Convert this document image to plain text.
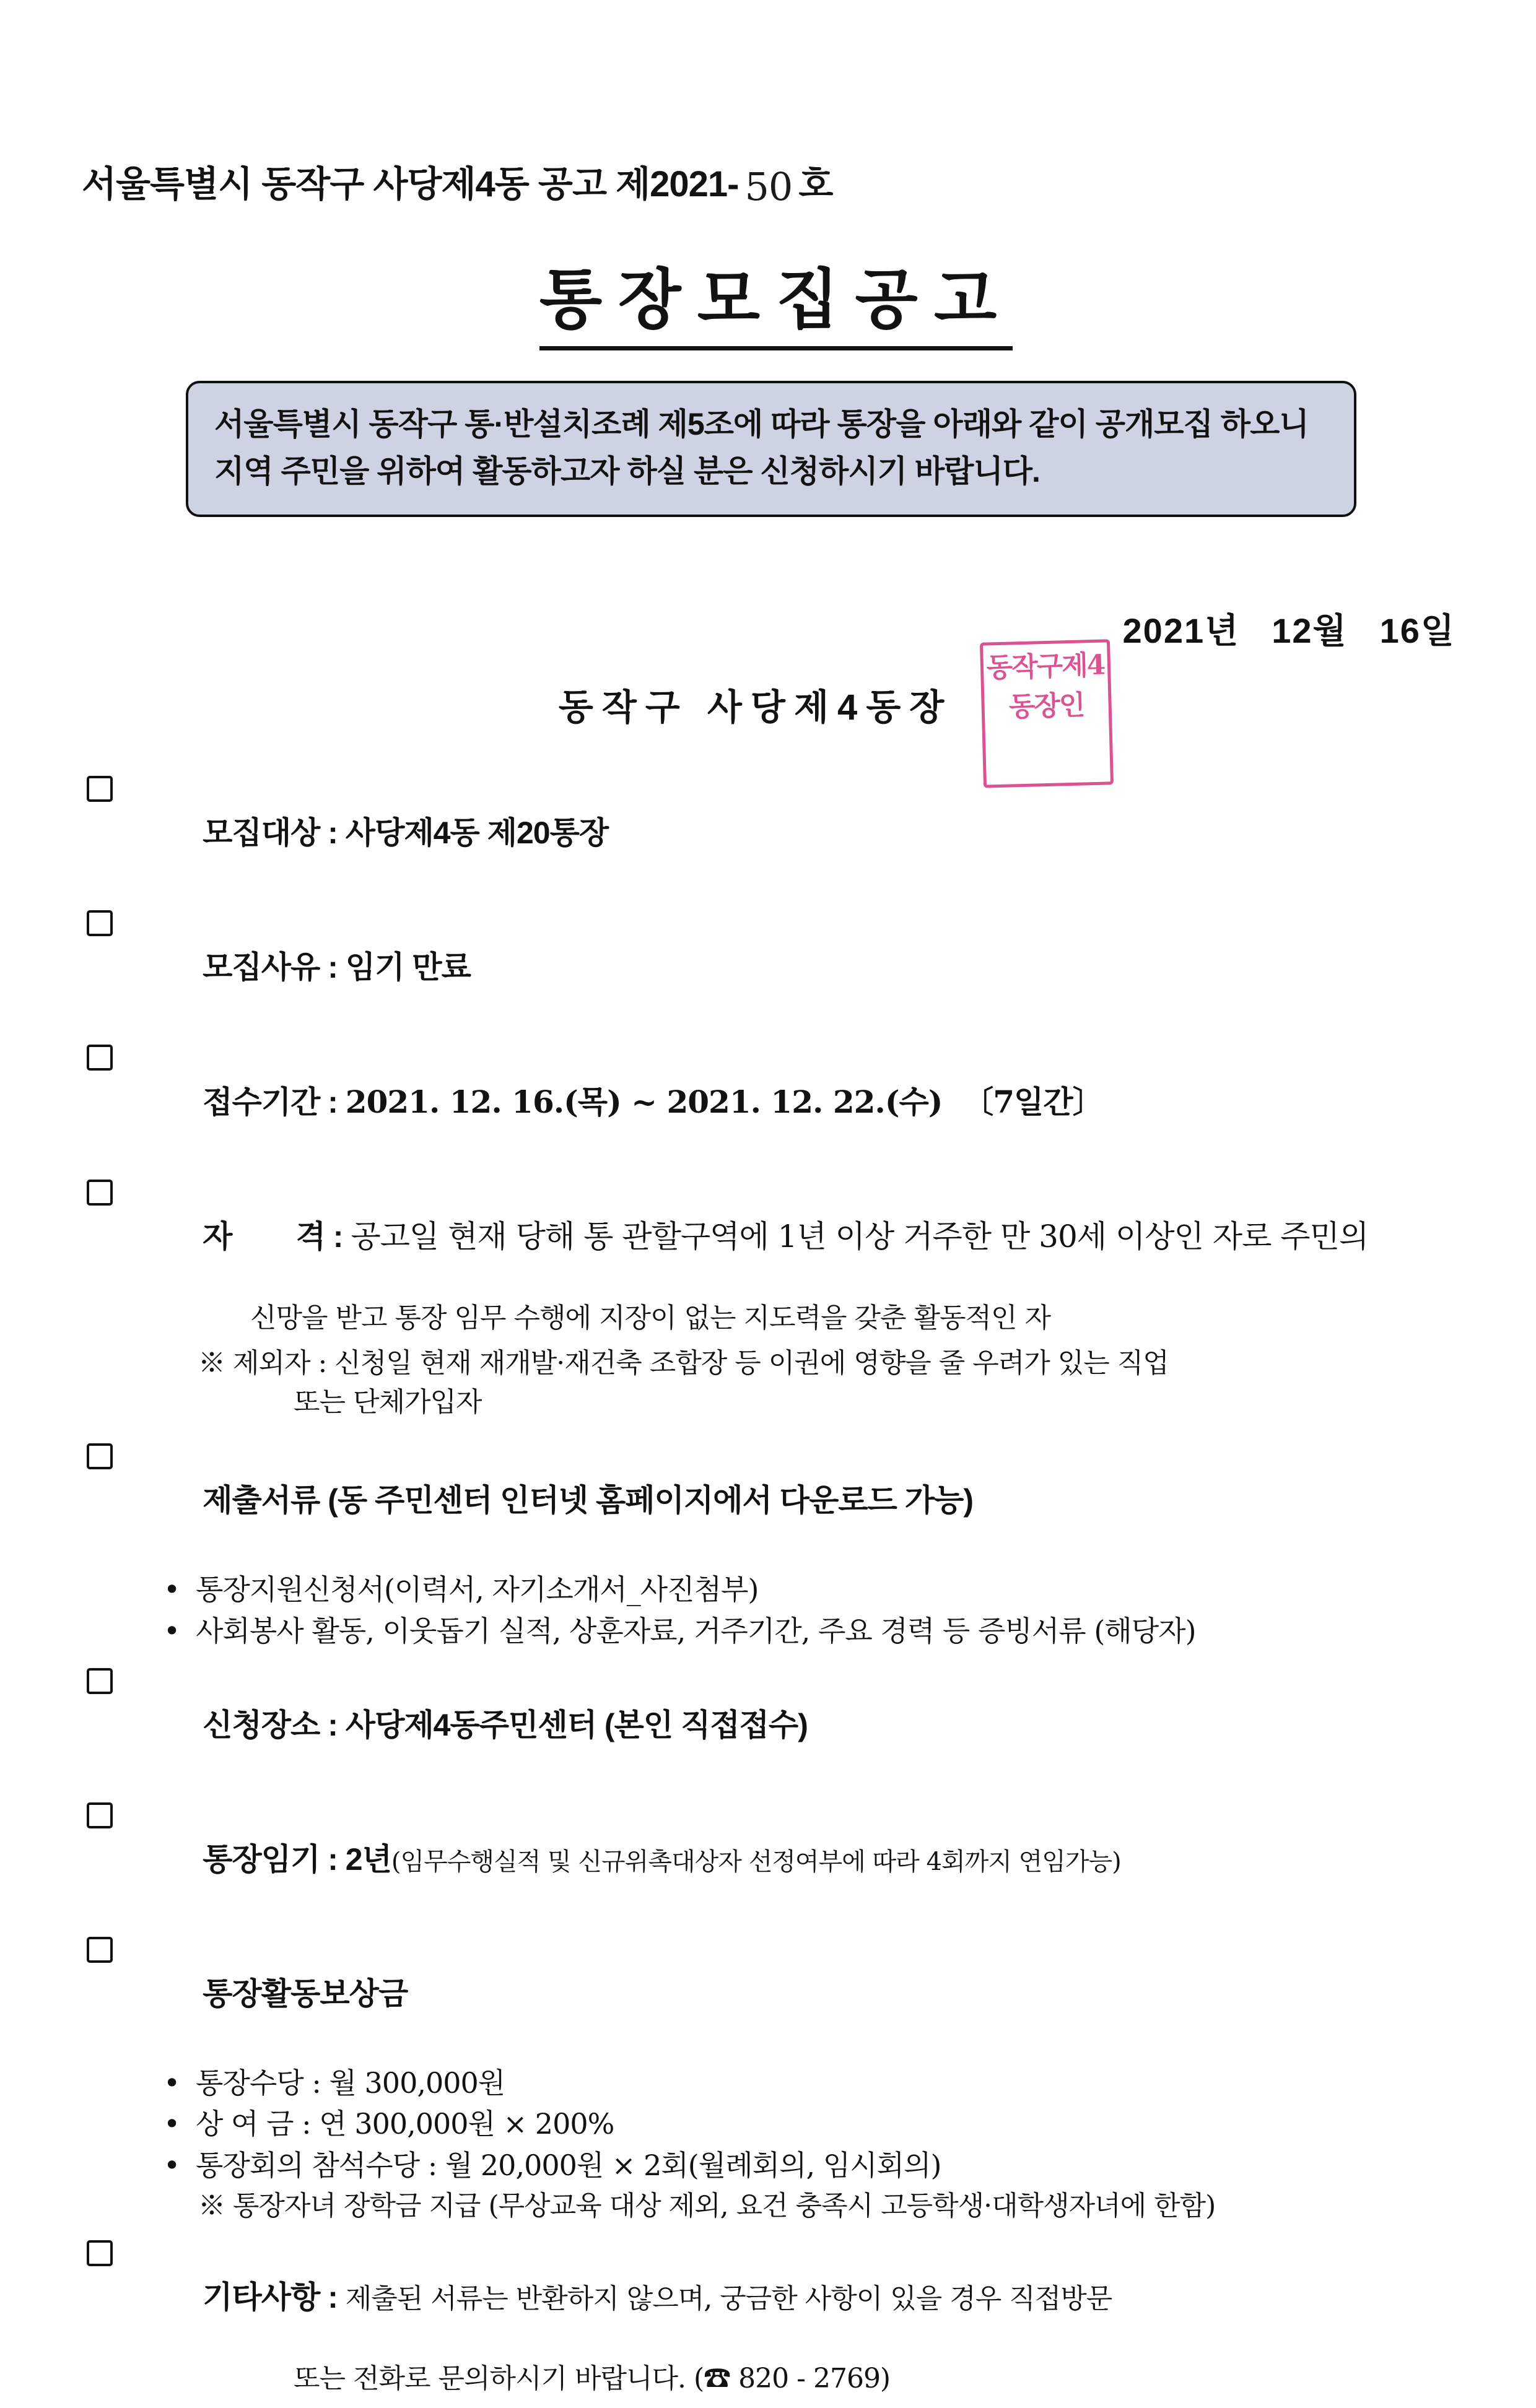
서울특별시 동작구 사당제4동 공고 제2021- 50 호
통장모집공고

서울특별시 동작구 통·반설치조례 제5조에 따라 통장을 아래와 같이 공개모집 하오니 지역 주민을 위하여 활동하고자 하실 분은 신청하시기 바랍니다.

2021년 12월 16일
동작구 사당제4동장
동작구제4
동장인

모집대상 : 사당제4동 제20통장

모집사유 : 임기 만료

접수기간 : 2021. 12. 16.(목) ~ 2021. 12. 22.(수)  〔7일간〕

자        격 : 공고일 현재 당해 통 관할구역에 1년 이상 거주한 만 30세 이상인 자로 주민의

신망을 받고 통장 임무 수행에 지장이 없는 지도력을 갖춘 활동적인 자
※ 제외자 : 신청일 현재 재개발·재건축 조합장 등 이권에 영향을 줄 우려가 있는 직업
또는 단체가입자

제출서류 (동 주민센터 인터넷 홈페이지에서 다운로드 가능)

• 통장지원신청서(이력서, 자기소개서_사진첨부)
• 사회봉사 활동, 이웃돕기 실적, 상훈자료, 거주기간, 주요 경력 등 증빙서류 (해당자)

신청장소 : 사당제4동주민센터 (본인 직접접수)

통장임기 : 2년(임무수행실적 및 신규위촉대상자 선정여부에 따라 4회까지 연임가능)

통장활동보상금

• 통장수당 : 월 300,000원
• 상 여 금 : 연 300,000원 × 200%
• 통장회의 참석수당 : 월 20,000원 × 2회(월례회의, 임시회의)
※ 통장자녀 장학금 지급 (무상교육 대상 제외, 요건 충족시 고등학생·대학생자녀에 한함)

기타사항 : 제출된 서류는 반환하지 않으며, 궁금한 사항이 있을 경우 직접방문

또는 전화로 문의하시기 바랍니다. (☎ 820 - 2769)
